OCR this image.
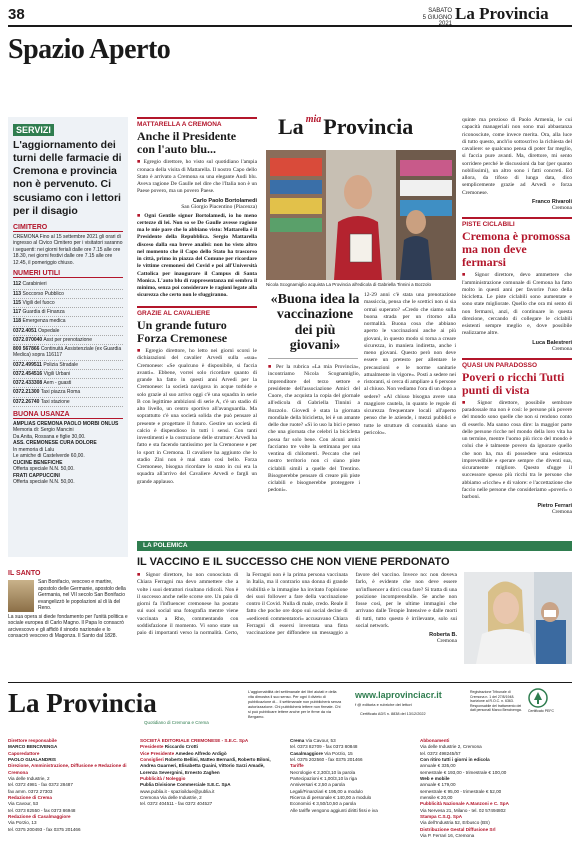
38	SABATO
5 GIUGNO La Provincia
Spazio Aperto
SERVIZI
L'aggiornamento dei turni delle farmacie di Cremona e provincia non è pervenuto. Ci scusiamo con i lettori per il disagio
CIMITERO
CREMONA Fino al 15 settembre 2021 gli orari di ingresso al Civico Cimitero per i visitatori saranno i seguenti: nei giorni feriali dalle ore 7.15 alle ore 18.30, nei giorni festivi dalle ore 7.15 alle ore 12.45, il pomeriggio chiuso.
NUMERI UTILI
112 Carabinieri
113 Soccorso Pubblico
115 Vigili del fuoco
117 Guardia di Finanza
118 Emergenza medica
0372.4051 Ospedale
0372.070040 Asst per prenotazione
800 567866 Continuità Assistenziale (ex Guardia Medica) sopra 116117
0372.499511 Polizia Stradale
0372.454516 Vigili Urbani
0372.433308 Aem - guasti
0372.21300 Taxi piazza Roma
0372.26740 Taxi stazione
BUONA USANZA
AMPLIAS CREMONA PAOLO MORBI ONLUS
Memoria di: Sergio Mancini
Da Anita, Rossana e figlie 30,00.
ASS. CREMONESE CURA DOLORE
In memoria di Lalu
Le amiche di Castelverde 60,00.
CUCINE BENEFICHE
Offerta speciale N.N. 50,00.
FRATI CAPPUCCINI
Offerta speciale N.N. 50,00.
IL SANTO
San Bonifacio, vescovo e martire, apostolo delle Germanie, apostolo della Germania, nel VII secolo San Bonifacio evangelizzò le popolazioni al di là del Reno.
La sua opera si diede fondamento per l'unità politica e sociale europea di Carlo Magno. Il Papa lo consacrò arcivescovo e gli affidò il sinodo nazionale e lo consacrò vescovo di Magonza. Il Santo dal 1828.
MATTARELLA A CREMONA
Anche il Presidente con l'auto blu...
■ Egregio direttore, ho visto sul quotidiano l'ampia cronaca della visita di Mattarella. Il nostro Capo dello Stato è arrivato a Cremona su una elegante Audi blu. Aveva ragione De Gaulle nel dire che l'Italia non è un Paese povero, ma un povero Paese.
Carlo Paolo Bortolamedi
San Giorgio Piacentino (Piacenza)
■ Ogni Gentile signor Bortolamedi, io ho meno certezze di lei. Non so se De Gaulle avesse ragione ma le mie pare che lo abbiano visto: Mattarella è il Presidente della Repubblica. Sergio Mattarella disceso dalla sua breve analisi: non ho visto altro nel momento che il Capo dello Stato ha trascorso in città, primo in piazza del Comune per ricordare le vittime cremonesi del Covid e poi all'Università Cattolica per inaugurare il Campus di Santa Monica. L'auto blu di rappresentanza mi sembra il minimo, senza poi considerare le ragioni legate alla sicurezza che certo non le sfuggiranno.
GRAZIE AL CAVALIERE
Un grande futuro Forza Cremonese
■ Egregio direttore, ho letto nei giorni scorsi le dichiarazioni del cavalier Arvedi sulla «sua» Cremonese: «Se qualcuno è disponibile, si faccia avanti». Ebbene, vorrei solo ricordare quanto di grande ha fatto in questi anni Arvedi per la Cremonese: la società navigava in acque torbide e solo grazie al suo arrivo oggi c'è una squadra in serie B con legittime ambizioni di serie A, c'è un stadio di alto livello, un centro sportivo all'avanguardia. Ma soprattutto c'è una società solida che può pensare al presente e progettare il futuro. Gestire un società di calcio è dispendioso in tutti i sensi. Con tanti investimenti e la costruzione delle strutture: Arvedi ha fatto e sta facendo tantissimo per la Cremonese e per lo sport in Cremona. Il cavaliere ha aggiunto che lo stadio Zini non è mai stato così bello. Forza Cremonese, bisogna ricordare lo stato in cui era la squadra all'arrivo del Cavaliere Arvedi e fargli un grande applauso.
La $^{mia}$Provincia
Nicola Scognamiglio acquista La Provincia all'edicola di Gabriella Tinnini a Bozzolo
«Buona idea la vaccinazione dei più giovani»
■ Per la rubrica «La mia Provincia», incontriamo Nicola Scognamiglio, imprenditore del terzo settore e presidente dell'associazione Amici del Cuore, che acquista la copia del giornale all'edicola di Gabriella Tinnini a Bozzolo. Giovedì è stata la giornata mondiale della bicicletta, lei è un amante delle due ruote? «Sì io uso la bici e penso che una giornata che celebri la bicicletta possa far solo bene. Con alcuni amici facciamo tre volte la settimana per una ventina di chilometri. Peccato che nel nostro territorio non ci siano piste ciclabili simili a quelle del Trentino. Bisognerebbe pensare di creare più piste ciclabili e bisognerebbe proteggere i pedoni».
12-29 anni c'è stata una prenotazione massiccia, pensa che le scettici non si sia ormai superato? «Credo che siamo sulla buona strada per un ritorno alla normalità. Buona cosa che abbiano aperto le vaccinazioni anche ai più giovani, in questo modo si torna a creare sicurezza, in maniera indiretta, anche i meno giovani. Questo però non deve essere un pretesto per allentare le precauzioni e le norme sanitarie attualmente in vigore». Posti a sedere nei ristoranti, si cerca di ampliare a 6 persone al chiuso. Non vediamo l'ora di un dopo a sedere? «Al chiuso bisogna avere una maggiore cautela, in quanto le regole di sicurezza frequentare locali all'aperto penso che le aziende, i mezzi pubblici e tutte le strutture di comunità siano un pericolo».
quinte ma prezioso di Paolo Armenia, le cui capacità manageriali non sono mai abbastanza riconosciute, come invece merita. Ora, alla luce di tutto questo, anch'io sottoscrivo la richiesta del cavaliere: se qualcuno pensa di poter far meglio, si faccia pure avanti. Ma, direttore, mi sento sorridere perché le discussioni da bar (per quanto nobilissimi), un altro sono i fatti concreti. Ed allora, da tifoso di lunga data, dico semplicemente grazie ad Arvedi e forza Cremonese.
Franco Rivaroli
Cremona
PISTE CICLABILI
Cremona è promossa ma non deve fermarsi
■ Signor direttore, devo ammettere che l'amministrazione comunale di Cremona ha fatto molto in questi anni per favorire l'uso della bicicletta. Le piste ciclabili sono aumentate e sono state migliorate. Quello che ora mi sento di non fermarsi, anzi, di continuare in questa direzione, cercando di collegare le ciclabili esistenti sempre meglio e, dove possibile realizzarne altre.
Luca Balestreri
Cremona
QUASI UN PARADOSSO
Poveri o ricchi Tutti punti di vista
■ Signor direttore, possibile sembrare paradossale ma non è così: le persone più povere del mondo sono quelle che non si rendono conto di esserlo. Ma sanno cosa dire: la maggior parte delle persone ricche nel mondo della loro vita ha un termine, mentre l'uomo più ricco del mondo è colui che è talmente povero da ignorare quello che non ha, ma di possedere una esistenza imprevedibile e sperare sempre che diventi sua, sicuramente migliore. Questo sfugge il successore spesso più ricchi tra le persone che abbiamo «ricche» e di valore: e l'accettazione che faccio nelle persone che consideriamo «poveri» o barboni.
Pietro Ferrari
Cremona
LA POLEMICA
IL VACCINO E IL SUCCESSO CHE NON VIENE PERDONATO
■ Signor direttore, ho non conosciuta di Chiara Ferragni ma devo ammettere che a volte i suoi detrattori risultano ridicoli. Non è il successo anche nelle scorse ore. Un paio di giorni fa l'influencer cremonese ha postato sui suoi social una fotografia mentre viene vaccinata a Rho, commentando con soddisfazione il momento. Vi sono state un paio di importanti verso la normalità. Certo, la Ferragni non è la prima persona vaccinata in Italia, ma il contrario una donna di grande visibilità e la immagine ha invitato l'opinione dei suoi follower a fare della vaccinazione contro il Covid. Nulla di male, credo. Reale il fatto che poche ore dopo sui social decine di «sedicenti commentatori» accusavano Chiara Ferragni di essersi inventata una finta vaccinazione per diffondere un messaggio a favore del vaccino. Invece no: non doveva farlo, è evidente che non deve essere un'influencer a dirci cosa fare? Si tratta di una posizione incomprensibile. Se anche non fosse così, per le ultime immagini che arrivano dalle Terapie Intensive e dalle morti di tutti, tutto questo è irrilevante, solo sui social network.
Roberta B.
Cremona
La Provincia
Quotidiano di Cremona e Crema
L'aggiornabilità del settimanale del libri aiutati e della vita dimostra il suo senso. Per ogni il divieto di pubblicazione di... Il settimanale non pubblicherà senza autorizzazione. Chi pubblicherà lettere non firmate. Chi si può pubblicare lettere anche per le firme da via Bergamo.
www.laprovinciacr.it
f @ editoria e rubriche dei lettori
Certificato ADS n. 8838 del 13/12/2022
Registrazione Tribunale di Cremona n. 1 del 27/8/1948. Iscrizione al R.O.C. n. 6363. Responsabile del trattamento dei dati personali Marco Bencivenga.	Certificato PEFC
Direttore responsabile
MARCO BENCIVENGA
Caporedattore
PAOLO GUALANDRIS
Direzione, Amministrazione, Diffusione e Redazione di Cremona
Via delle Industrie, 2
tel. 0372 4981 - fax 0372 28487
fax amm. 0372 27303
Redazione di Crema
Via Cavour, 53
tel. 0373 82550 - fax 0373 86948
Redazione di Casalmaggiore
Via Porzio, 13
tel. 0375 200493 - fax 0375 201466
SOCIETÀ EDITORIALE CREMONESE - S.E.C. SpA
Presidente Riccardo Crotti
Vice Presidente Amedeo Alfredo Ardigò
Consiglieri Roberto Bellini, Matteo Bernardi, Roberto Biloni, Andrea Guarneri, Elisabetta Quaini, Vittorio Sarzi Amadè, Lorenza Severgnini, Ernesto Zaghen
Pubblicità / Noleggio
Publia Divisione Commerciale S.E.C. SpA
www.publia.it - spazioildue@publia.it
Cremona Via delle Industrie, 2
tel. 0372 404511 - fax 0372 404527
Crema Via Cavour, 53
tel. 0373 82709 - fax 0373 80848
Casalmaggiore Via Porzio, 15
tel. 0375 202560 - fax 0375 201466
Tariffe
Necrologie € 2,30/3,10 la parola
Partecipazioni € 1,00/3,10 la riga
Anniversari € 2,50 a parola
Legali/Finanziari € 195,00 a modulo
Ricerca di personale € 140,00 a modulo
Economici € 3,50/10,50 a parola
Alle tariffe vengono aggiunti diritti fissi e iva
Abbonamenti
Via delle Industrie 2, Cremona
tel. 0372 498245/57
Con ritiro tutti i giorni in edicola
annuale € 335,00
semestrale € 193,00 - trimestrale € 100,00
Web e mobile
annuale € 179,00
semestrale € 95,00 - trimestrale € 52,00
mensile € 20,00
Pubblicità Nazionale A.Manzoni e C. SpA
Via Nervesa 21, Milano - tel. 02 57494802
Stampa C.S.Q. SpA
Via dell'Industria 52, Erbusco (BS)
Distribuzione Gestal Diffusione Srl
Via P. Ferrari 16, Cremona
